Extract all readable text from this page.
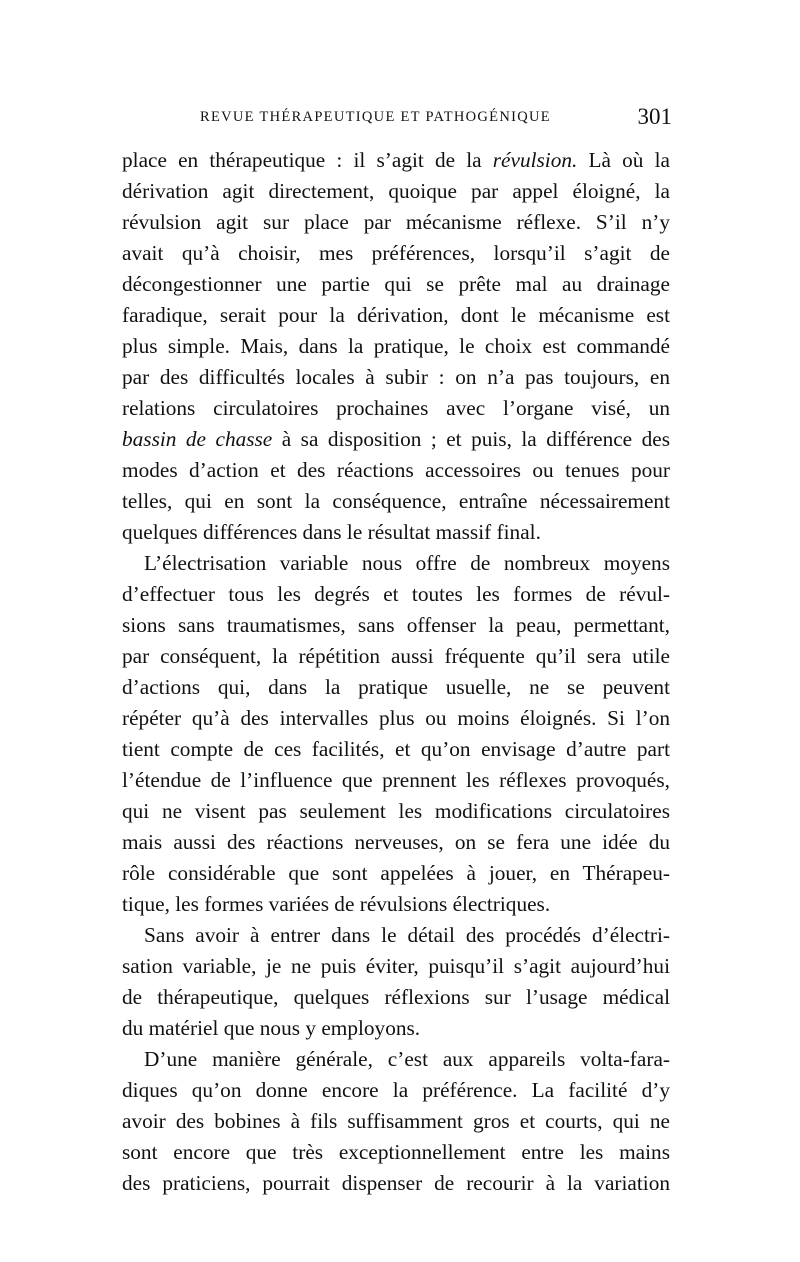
REVUE THÉRAPEUTIQUE ET PATHOGÉNIQUE	301
place en thérapeutique : il s’agit de la révulsion. Là où la
dérivation agit directement, quoique par appel éloigné, la
révulsion agit sur place par mécanisme réflexe. S’il n’y
avait qu’à choisir, mes préférences, lorsqu’il s’agit de
décongestionner une partie qui se prête mal au drainage
faradique, serait pour la dérivation, dont le mécanisme est
plus simple. Mais, dans la pratique, le choix est commandé
par des difficultés locales à subir : on n’a pas toujours, en
relations circulatoires prochaines avec l’organe visé, un
bassin de chasse à sa disposition ; et puis, la différence des
modes d’action et des réactions accessoires ou tenues pour
telles, qui en sont la conséquence, entraîne nécessairement
quelques différences dans le résultat massif final.
L’électrisation variable nous offre de nombreux moyens
d’effectuer tous les degrés et toutes les formes de révul-
sions sans traumatismes, sans offenser la peau, permettant,
par conséquent, la répétition aussi fréquente qu’il sera utile
d’actions qui, dans la pratique usuelle, ne se peuvent
répéter qu’à des intervalles plus ou moins éloignés. Si l’on
tient compte de ces facilités, et qu’on envisage d’autre part
l’étendue de l’influence que prennent les réflexes provoqués,
qui ne visent pas seulement les modifications circulatoires
mais aussi des réactions nerveuses, on se fera une idée du
rôle considérable que sont appelées à jouer, en Thérapeu-
tique, les formes variées de révulsions électriques.
Sans avoir à entrer dans le détail des procédés d’électri-
sation variable, je ne puis éviter, puisqu’il s’agit aujourd’hui
de thérapeutique, quelques réflexions sur l’usage médical
du matériel que nous y employons.
D’une manière générale, c’est aux appareils volta-fara-
diques qu’on donne encore la préférence. La facilité d’y
avoir des bobines à fils suffisamment gros et courts, qui ne
sont encore que très exceptionnellement entre les mains
des praticiens, pourrait dispenser de recourir à la variation
